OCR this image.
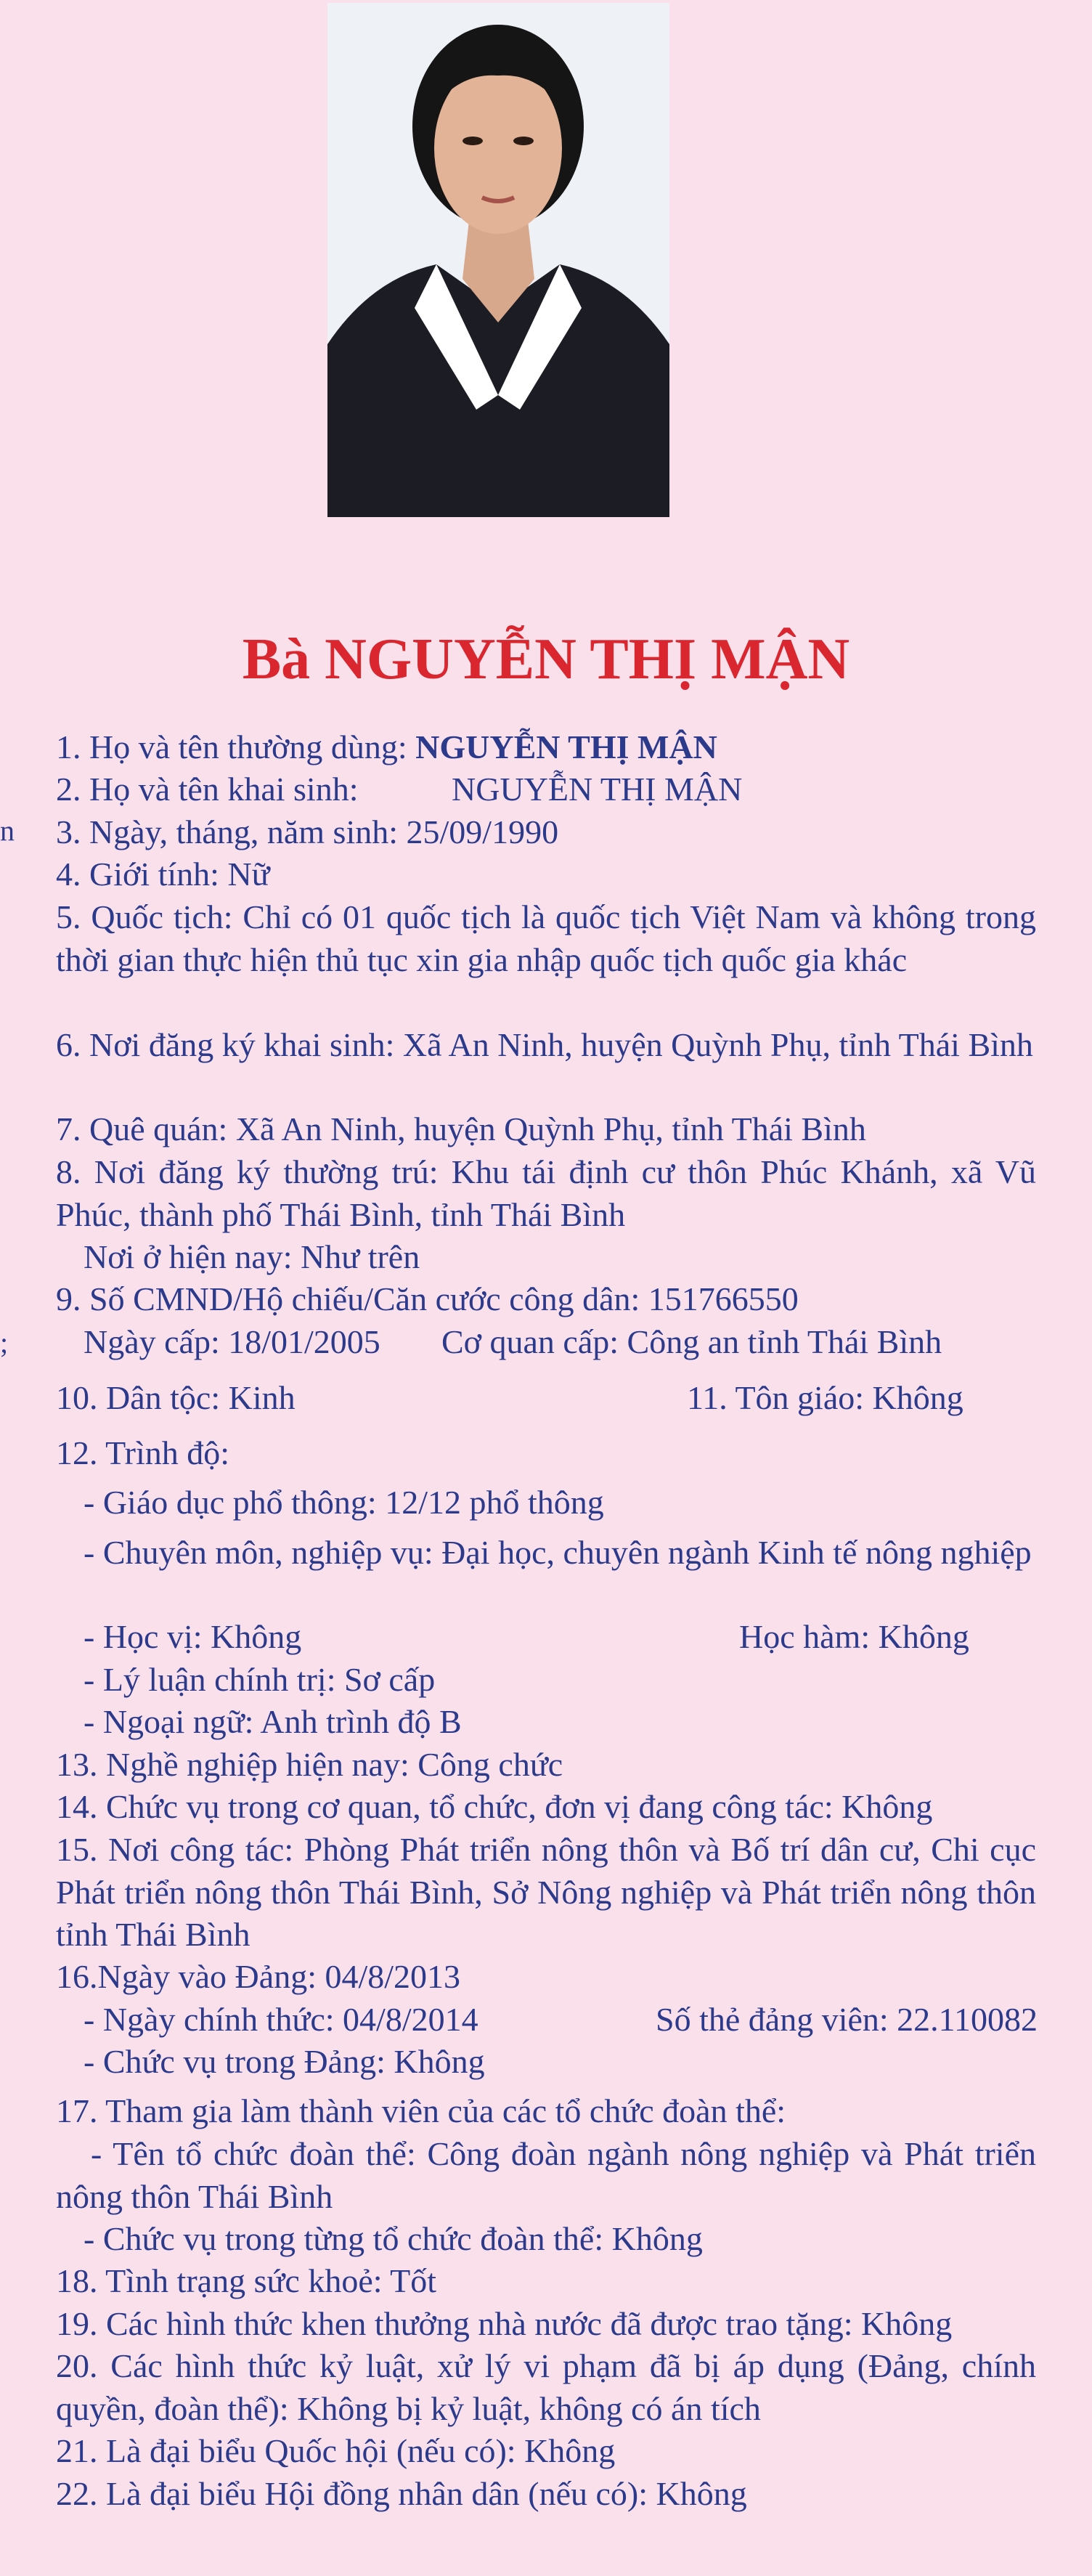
Bà NGUYỄN THỊ MẬN
n
;
1. Họ và tên thường dùng: NGUYỄN THỊ MẬN
2. Họ và tên khai sinh:	NGUYỄN THỊ MẬN
3. Ngày, tháng, năm sinh: 25/09/1990
4. Giới tính: Nữ
5. Quốc tịch: Chỉ có 01 quốc tịch là quốc tịch Việt Nam và không trong thời gian thực hiện thủ tục xin gia nhập quốc tịch quốc gia khác
6. Nơi đăng ký khai sinh: Xã An Ninh, huyện Quỳnh Phụ, tỉnh Thái Bình
7. Quê quán: Xã An Ninh, huyện Quỳnh Phụ, tỉnh Thái Bình
8. Nơi đăng ký thường trú: Khu tái định cư thôn Phúc Khánh, xã Vũ Phúc, thành phố Thái Bình, tỉnh Thái Bình
Nơi ở hiện nay: Như trên
9. Số CMND/Hộ chiếu/Căn cước công dân: 151766550
Ngày cấp: 18/01/2005 Cơ quan cấp: Công an tỉnh Thái Bình
10. Dân tộc: Kinh	11. Tôn giáo: Không
12. Trình độ:
- Giáo dục phổ thông: 12/12 phổ thông
- Chuyên môn, nghiệp vụ: Đại học, chuyên ngành Kinh tế nông nghiệp
- Học vị: Không	Học hàm: Không
- Lý luận chính trị: Sơ cấp
- Ngoại ngữ: Anh trình độ B
13. Nghề nghiệp hiện nay: Công chức
14. Chức vụ trong cơ quan, tổ chức, đơn vị đang công tác: Không
15. Nơi công tác: Phòng Phát triển nông thôn và Bố trí dân cư, Chi cục Phát triển nông thôn Thái Bình, Sở Nông nghiệp và Phát triển nông thôn tỉnh Thái Bình
16.Ngày vào Đảng: 04/8/2013
- Ngày chính thức: 04/8/2014	Số thẻ đảng viên: 22.110082
- Chức vụ trong Đảng: Không
17. Tham gia làm thành viên của các tổ chức đoàn thể:
- Tên tổ chức đoàn thể: Công đoàn ngành nông nghiệp và Phát triển nông thôn Thái Bình
- Chức vụ trong từng tổ chức đoàn thể: Không
18. Tình trạng sức khoẻ: Tốt
19. Các hình thức khen thưởng nhà nước đã được trao tặng: Không
20. Các hình thức kỷ luật, xử lý vi phạm đã bị áp dụng (Đảng, chính quyền, đoàn thể): Không bị kỷ luật, không có án tích
21. Là đại biểu Quốc hội (nếu có): Không
22. Là đại biểu Hội đồng nhân dân (nếu có): Không
